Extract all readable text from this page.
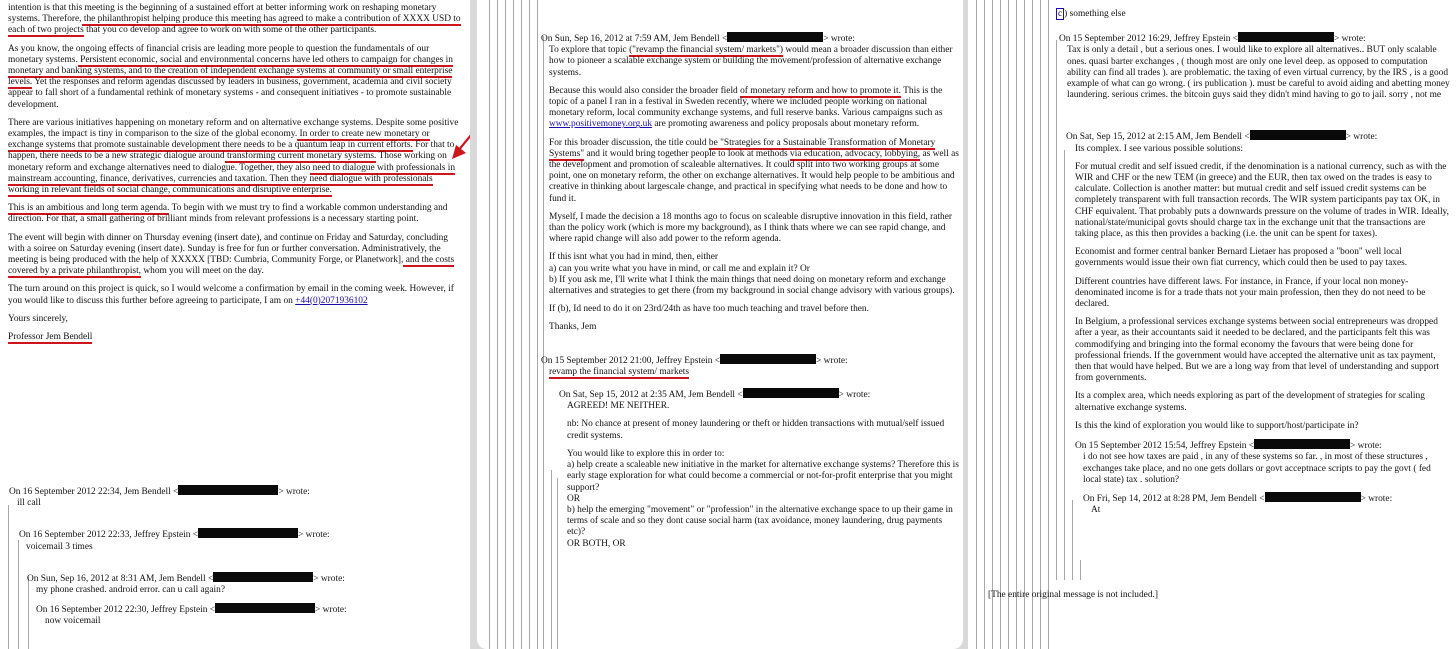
intention is that this meeting is the beginning of a sustained effort at better informing work on reshaping monetary systems. Therefore, the philanthropist helping produce this meeting has agreed to make a contribution of XXXX USD to each of two projects that you co develop and agree to work on with some of the other participants.

As you know, the ongoing effects of financial crisis are leading more people to question the fundamentals of our monetary systems. Persistent economic, social and environmental concerns have led others to campaign for changes in monetary and banking systems, and to the creation of independent exchange systems at community or small enterprise levels. Yet the responses and reform agendas discussed by leaders in business, government, academia and civil society appear to fall short of a fundamental rethink of monetary systems - and consequent initiatives - to promote sustainable development.

There are various initiatives happening on monetary reform and on alternative exchange systems. Despite some positive examples, the impact is tiny in comparison to the size of the global economy. In order to create new monetary or exchange systems that promote sustainable development there needs to be a quantum leap in current efforts. For that to happen, there needs to be a new strategic dialogue around transforming current monetary systems. Those working on monetary reform and exchange alternatives need to dialogue. Together, they also need to dialogue with professionals in mainstream accounting, finance, derivatives, currencies and taxation. Then they need dialogue with professionals working in relevant fields of social change, communications and disruptive enterprise.

This is an ambitious and long term agenda. To begin with we must try to find a workable common understanding and direction. For that, a small gathering of brilliant minds from relevant professions is a necessary starting point.

The event will begin with dinner on Thursday evening (insert date), and continue on Friday and Saturday, concluding with a soiree on Saturday evening (insert date). Sunday is free for fun or further conversation. Administratively, the meeting is being produced with the help of XXXXX [TBD: Cumbria, Community Forge, or Planetwork], and the costs covered by a private philanthropist, whom you will meet on the day.

The turn around on this project is quick, so I would welcome a confirmation by email in the coming week. However, if you would like to discuss this further before agreeing to participate, I am on +44(0)2071936102

Yours sincerely,

Professor Jem Bendell

On 16 September 2012 22:34, Jem Bendell <	> wrote:
ill call
On 16 September 2012 22:33, Jeffrey Epstein <	> wrote:
voicemail 3 times
On Sun, Sep 16, 2012 at 8:31 AM, Jem Bendell <	> wrote:
my phone crashed. android error. can u call again?
On 16 September 2012 22:30, Jeffrey Epstein <	> wrote:
now voicemail
On Sun, Sep 16, 2012 at 7:59 AM, Jem Bendell <	> wrote:

To explore that topic ("revamp the financial system/ markets") would mean a broader discussion than either how to pioneer a scalable exchange system or building the movement/profession of alternative exchange systems.

Because this would also consider the broader field of monetary reform and how to promote it. This is the topic of a panel I ran in a festival in Sweden recently, where we included people working on national monetary reform, local community exchange systems, and full reserve banks. Various campaigns such as www.positivemoney.org.uk are promoting awareness and policy proposals about monetary reform.

For this broader discussion, the title could be "Strategies for a Sustainable Transformation of Monetary Systems" and it would bring together people to look at methods via education, advocacy, lobbying, as well as the development and promotion of scaleable alternatives. It could split into two working groups at some point, one on monetary reform, the other on exchange alternatives. It would help people to be ambitious and creative in thinking about largescale change, and practical in specifying what needs to be done and how to fund it.

Myself, I made the decision a 18 months ago to focus on scaleable disruptive innovation in this field, rather than the policy work (which is more my background), as I think thats where we can see rapid change, and where rapid change will also add power to the reform agenda.

If this isnt what you had in mind, then, either
a) can you write what you have in mind, or call me and explain it? Or
b) If you ask me, I'll write what I think the main things that need doing on monetary reform and exchange alternatives and strategies to get there (from my background in social change advisory with various groups).

If (b), Id need to do it on 23rd/24th as have too much teaching and travel before then.

Thanks, Jem

On 15 September 2012 21:00, Jeffrey Epstein <	> wrote:
revamp the financial system/ markets
On Sat, Sep 15, 2012 at 2:35 AM, Jem Bendell <	> wrote:

AGREED! ME NEITHER.

nb: No chance at present of money laundering or theft or hidden transactions with mutual/self issued credit systems.

You would like to explore this in order to:
a) help create a scaleable new initiative in the market for alternative exchange systems? Therefore this is early stage exploration for what could become a commercial or not-for-profit enterprise that you might support?
OR
b) help the emerging "movement" or "profession" in the alternative exchange space to up their game in terms of scale and so they dont cause social harm (tax avoidance, money laundering, drug payments etc)?
OR BOTH, OR
c ) something else
On 15 September 2012 16:29, Jeffrey Epstein <	> wrote:
Tax is only a detail , but a serious ones. I would like to explore all alternatives.. BUT only scalable ones. quasi barter exchanges , ( though most are only one level deep. as opposed to computation ability can find all trades ). are problematic. the taxing of even virtual currency, by the IRS , is a good example of what can go wrong. ( irs publication ). must be careful to avoid aiding and abetting money laundering. serious crimes. the bitcoin guys said they didn't mind having to go to jail. sorry , not me
On Sat, Sep 15, 2012 at 2:15 AM, Jem Bendell <	> wrote:

Its complex. I see various possible solutions:

For mutual credit and self issued credit, if the denomination is a national currency, such as with the WIR and CHF or the new TEM (in greece) and the EUR, then tax owed on the trades is easy to calculate. Collection is another matter: but mutual credit and self issued credit systems can be completely transparent with full transaction records. The WIR system participants pay tax OK, in CHF equivalent. That probably puts a downwards pressure on the volume of trades in WIR. Ideally, national/state/municipal govts should charge tax in the exchange unit that the transactions are taking place, as this then provides a backing (i.e. the unit can be spent for taxes).

Economist and former central banker Bernard Lietaer has proposed a "boon" well local governments would issue their own fiat currency, which could then be used to pay taxes.

Different countries have different laws. For instance, in France, if your local non money-denominated income is for a trade thats not your main profession, then they do not need to be declared.

In Belgium, a professional services exchange systems between social entrepreneurs was dropped after a year, as their accountants said it needed to be declared, and the participants felt this was commodifying and bringing into the formal economy the favours that were being done for professional friends. If the government would have accepted the alternative unit as tax payment, then that would have helped. But we are a long way from that level of understanding and support from governments.

Its a complex area, which needs exploring as part of the development of strategies for scaling alternative exchange systems.

Is this the kind of exploration you would like to support/host/participate in?

On 15 September 2012 15:54, Jeffrey Epstein <	> wrote:
i do not see how taxes are paid , in any of these systems so far. , in most of these structures , exchanges take place, and no one gets dollars or govt acceptnace scripts to pay the govt ( fed local state) tax . solution?
On Fri, Sep 14, 2012 at 8:28 PM, Jem Bendell <	> wrote:
At
[The entire original message is not included.]
